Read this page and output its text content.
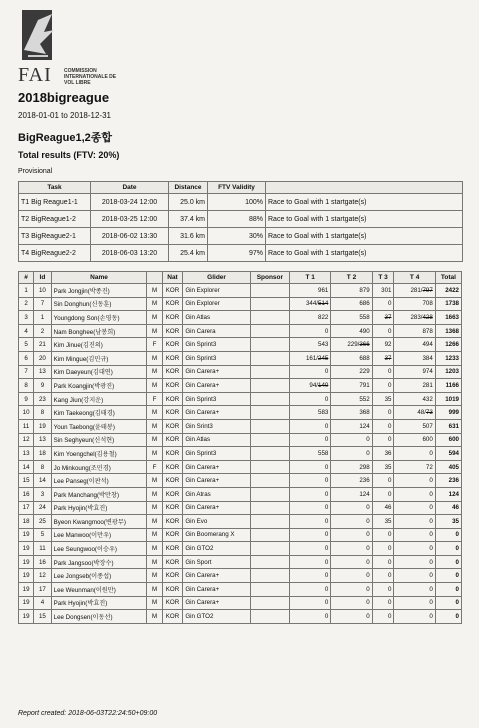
FAI COMMISSION INTERNATIONALE DE VOL LIBRE
2018bigreague
2018-01-01 to 2018-12-31
BigReague1,2종합
Total results (FTV: 20%)
Provisional
Task	Date	Distance	FTV Validity	
T1 Big Reague1-1	2018-03-24 12:00	25.0 km	100%	Race to Goal with 1 startgate(s)
T2 BigReague1-2	2018-03-25 12:00	37.4 km	88%	Race to Goal with 1 startgate(s)
T3 BigReague2-1	2018-06-02 13:30	31.6 km	30%	Race to Goal with 1 startgate(s)
T4 BigReague2-2	2018-06-03 13:20	25.4 km	97%	Race to Goal with 1 startgate(s)
#	Id	Name		Nat	Glider	Sponsor	T 1	T 2	T 3	T 4	Total
1	10	Park Jongjin(박종진)	M	KOR	Gin Explorer		961	879	301	281/797	2422
2	7	Sin Donghun(신동훈)	M	KOR	Gin Explorer		344/514	686	0	708	1738
3	1	Youngdong Son(손영동)	M	KOR	Gin Atlas		822	558	37	283/428	1663
4	2	Nam Bonghee(남봉희)	M	KOR	Gin Carera		0	490	0	878	1368
5	21	Kim Jinue(김진의)	F	KOR	Gin Sprint3		543	229/366	92	494	1266
6	20	Kim Mingue(김민규)	M	KOR	Gin Sprint3		161/245	688	37	384	1233
7	13	Kim Daeyeun(김대연)	M	KOR	Gin Carera+		0	229	0	974	1203
8	9	Park Koangjin(박광진)	M	KOR	Gin Carera+		94/140	791	0	281	1166
9	23	Kang Jiun(강지운)	F	KOR	Gin Sprint3		0	552	35	432	1019
10	8	Kim Taekeong(김태경)	M	KOR	Gin Carera+		583	368	0	48/73	999
11	19	Youn Taebong(윤태봉)	M	KOR	Gin Srint3		0	124	0	507	631
12	13	Sin Seghyeun(신석현)	M	KOR	Gin Atlas		0	0	0	600	600
13	18	Kim Yoengchel(김용철)	M	KOR	Gin Sprint3		558	0	36	0	594
14	8	Jo Minkoung(조민경)	F	KOR	Gin Carera+		0	298	35	72	405
15	14	Lee Panseg(이판석)	M	KOR	Gin Carera+		0	236	0	0	236
16	3	Park Manchang(박만창)	M	KOR	Gin Atras		0	124	0	0	124
17	24	Park Hyojin(박효진)	M	KOR	Gin Carera+		0	0	46	0	46
18	25	Byeon Kwangmoo(변광무)	M	KOR	Gin Evo		0	0	35	0	35
19	5	Lee Manwoo(이만우)	M	KOR	Gin Boomerang X		0	0	0	0	0
19	11	Lee Seungwoo(이승우)	M	KOR	Gin GTO2		0	0	0	0	0
19	16	Park Jangsoo(박장수)	M	KOR	Gin Sport		0	0	0	0	0
19	12	Lee Jongseb(이종섭)	M	KOR	Gin Carera+		0	0	0	0	0
19	17	Lee Weunman(이원만)	M	KOR	Gin Carera+		0	0	0	0	0
19	4	Park Hyojin(박효진)	M	KOR	Gin Carera+		0	0	0	0	0
19	15	Lee Dongsen(이동선)	M	KOR	Gin GTO2		0	0	0	0	0
Report created: 2018-06-03T22:24:50+09:00
